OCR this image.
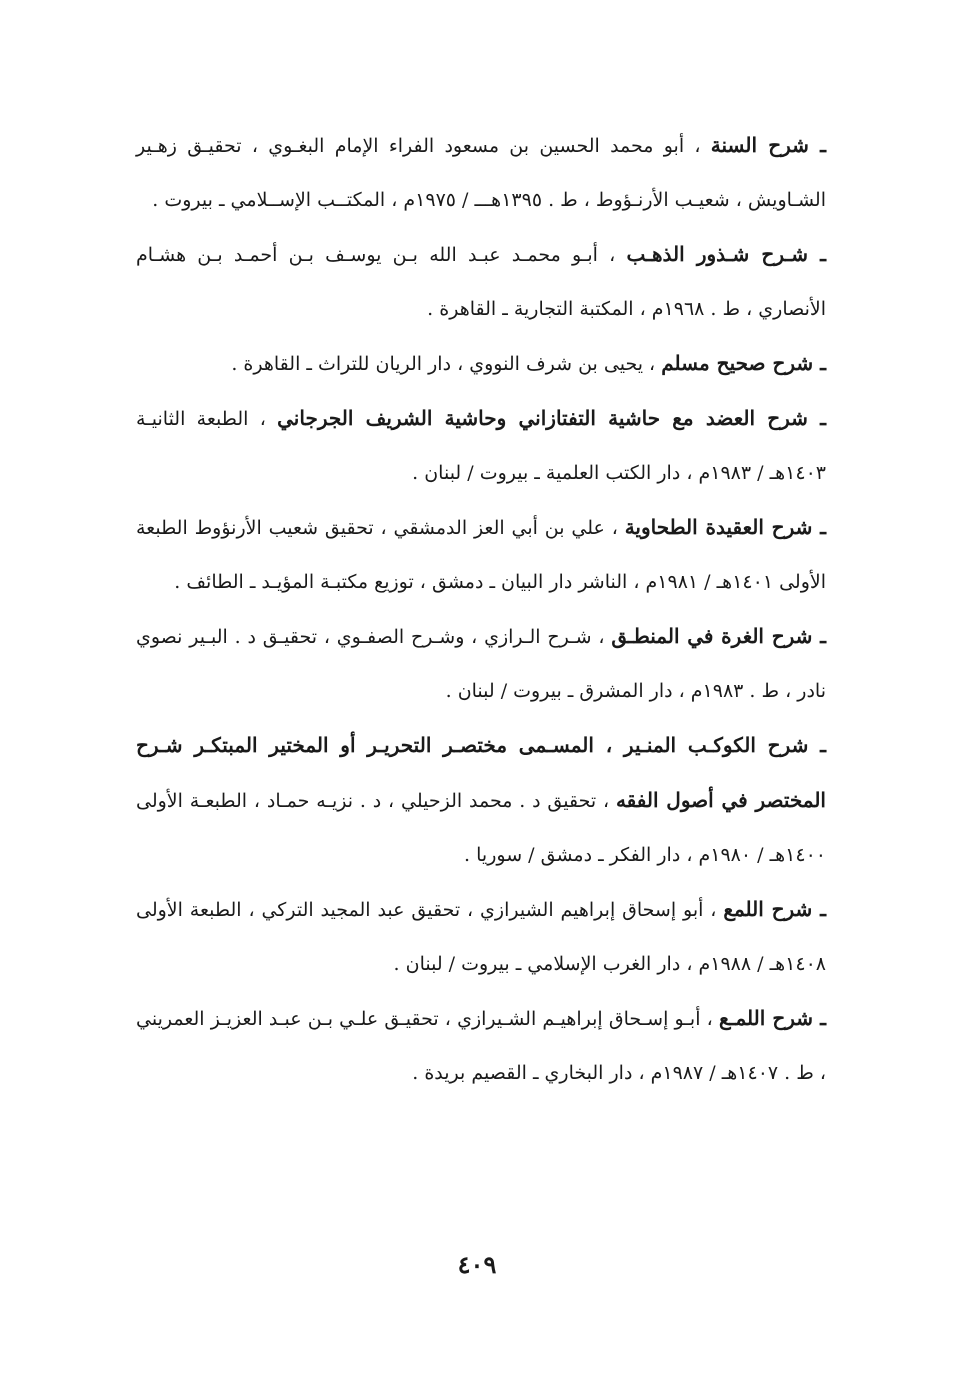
ـ شرح السنة ، أبو محمد الحسين بن مسعود الفراء الإمام البغـوي ، تحقيـق زهـير الشـاويش ، شعيـب الأرنـؤوط ، ط . ١٣٩٥هـــ / ١٩٧٥م ، المكتــب الإســلامي ـ بيروت .

ـ شـرح شـذور الذهـب ، أبـو محمـد عبـد الله بـن يوسـف بـن أحمـد بـن هشـام الأنصاري ، ط . ١٩٦٨م ، المكتبة التجارية ـ القاهرة .

ـ شرح صحيح مسلم ، يحيى بن شرف النووي ، دار الريان للتراث ـ القاهرة .

ـ شرح العضد مع حاشية التفتازاني وحاشية الشريف الجرجاني ، الطبعة الثانيـة ١٤٠٣هـ / ١٩٨٣م ، دار الكتب العلمية ـ بيروت / لبنان .

ـ شرح العقيدة الطحاوية ، علي بن أبي العز الدمشقي ، تحقيق شعيب الأرنؤوط الطبعة الأولى ١٤٠١هـ / ١٩٨١م ، الناشر دار البيان ـ دمشق ، توزيع مكتبـة المؤيـد ـ الطائف .

ـ شرح الغرة في المنطـق ، شـرح الـرازي ، وشـرح الصفـوي ، تحقيـق د . البـير نصوي نادر ، ط . ١٩٨٣م ، دار المشرق ـ بيروت / لبنان .

ـ شرح الكوكـب المنـير ، المسـمى مختصـر التحريـر أو المختير المبتكـر شـرح المختصر في أصول الفقه ، تحقيق د . محمد الزحيلي ، د . نزيـه حمـاد ، الطبعـة الأولى ١٤٠٠هـ / ١٩٨٠م ، دار الفكر ـ دمشق / سوريا .

ـ شرح اللمع ، أبو إسحاق إبراهيم الشيرازي ، تحقيق عبد المجيد التركي ، الطبعة الأولى ١٤٠٨هـ / ١٩٨٨م ، دار الغرب الإسلامي ـ بيروت / لبنان .

ـ شرح اللمـع ، أبـو إسـحاق إبراهيـم الشـيرازي ، تحقيـق علـي بـن عبـد العزيـز العمريني ، ط . ١٤٠٧هـ / ١٩٨٧م ، دار البخاري ـ القصيم بريدة .

٤٠٩
